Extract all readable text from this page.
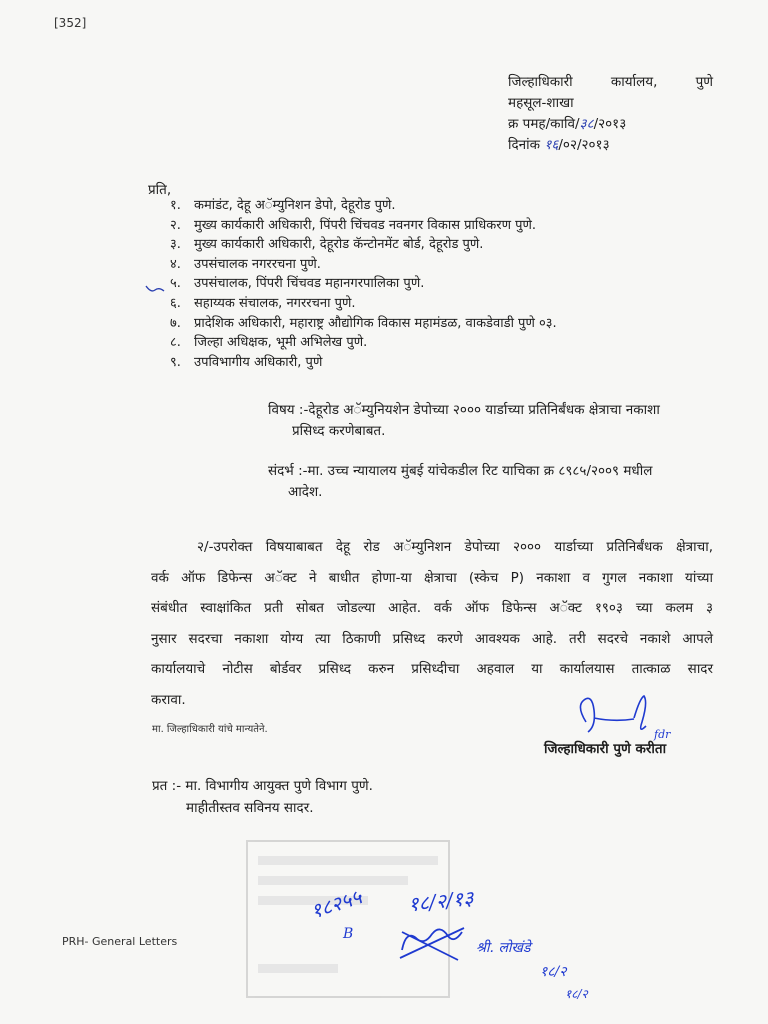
[352]
जिल्हाधिकारी	कार्यालय,	पुणे
महसूल-शाखा
क्र पमह/कावि/३८/२०१३
दिनांक १६/०२/२०१३
प्रति,
१.	कमांडंट, देहू अॅम्युनिशन डेपो, देहूरोड पुणे.
२.	मुख्य कार्यकारी अधिकारी, पिंपरी चिंचवड नवनगर विकास प्राधिकरण पुणे.
३.	मुख्य कार्यकारी अधिकारी, देहूरोड कॅन्टोनमेंट बोर्ड, देहूरोड पुणे.
४.	उपसंचालक नगररचना पुणे.
५.	उपसंचालक, पिंपरी चिंचवड महानगरपालिका पुणे.
६.	सहाय्यक संचालक, नगररचना पुणे.
७.	प्रादेशिक अधिकारी, महाराष्ट्र औद्योगिक विकास महामंडळ, वाकडेवाडी पुणे ०३.
८.	जिल्हा अधिक्षक, भूमी अभिलेख पुणे.
९.	उपविभागीय अधिकारी, पुणे
विषय :-देहूरोड अॅम्युनियशेन डेपोच्या २००० यार्डाच्या प्रतिनिर्बंधक क्षेत्राचा नकाशा
प्रसिध्द करणेबाबत.
संदर्भ :-मा. उच्च न्यायालय मुंबई यांचेकडील रिट याचिका क्र ८९८५/२००९ मधील
आदेश.
२/-उपरोक्त विषयाबाबत देहू रोड अॅम्युनिशन डेपोच्या २००० यार्डाच्या प्रतिनिर्बंधक क्षेत्राचा,
वर्क ऑफ डिफेन्स अॅक्ट ने बाधीत होणा-या क्षेत्राचा (स्केच P) नकाशा व गुगल नकाशा यांच्या
संबंधीत स्वाक्षांकित प्रती सोबत जोडल्या आहेत. वर्क ऑफ डिफेन्स अॅक्ट १९०३ च्या कलम ३
नुसार सदरचा नकाशा योग्य त्या ठिकाणी प्रसिध्द करणे आवश्यक आहे. तरी सदरचे नकाशे आपले
कार्यालयाचे नोटीस बोर्डवर प्रसिध्द करुन प्रसिध्दीचा अहवाल या कार्यालयास तात्काळ सादर
करावा.
मा. जिल्हाधिकारी यांचे मान्यतेने.	fdr
जिल्हाधिकारी पुणे करीता
प्रत :- मा. विभागीय आयुक्त पुणे विभाग पुणे.
माहीतीस्तव सविनय सादर.
१८२५५
B
१८/२/१३
श्री. लोखंडे
१८/२
१८/२
PRH- General Letters
